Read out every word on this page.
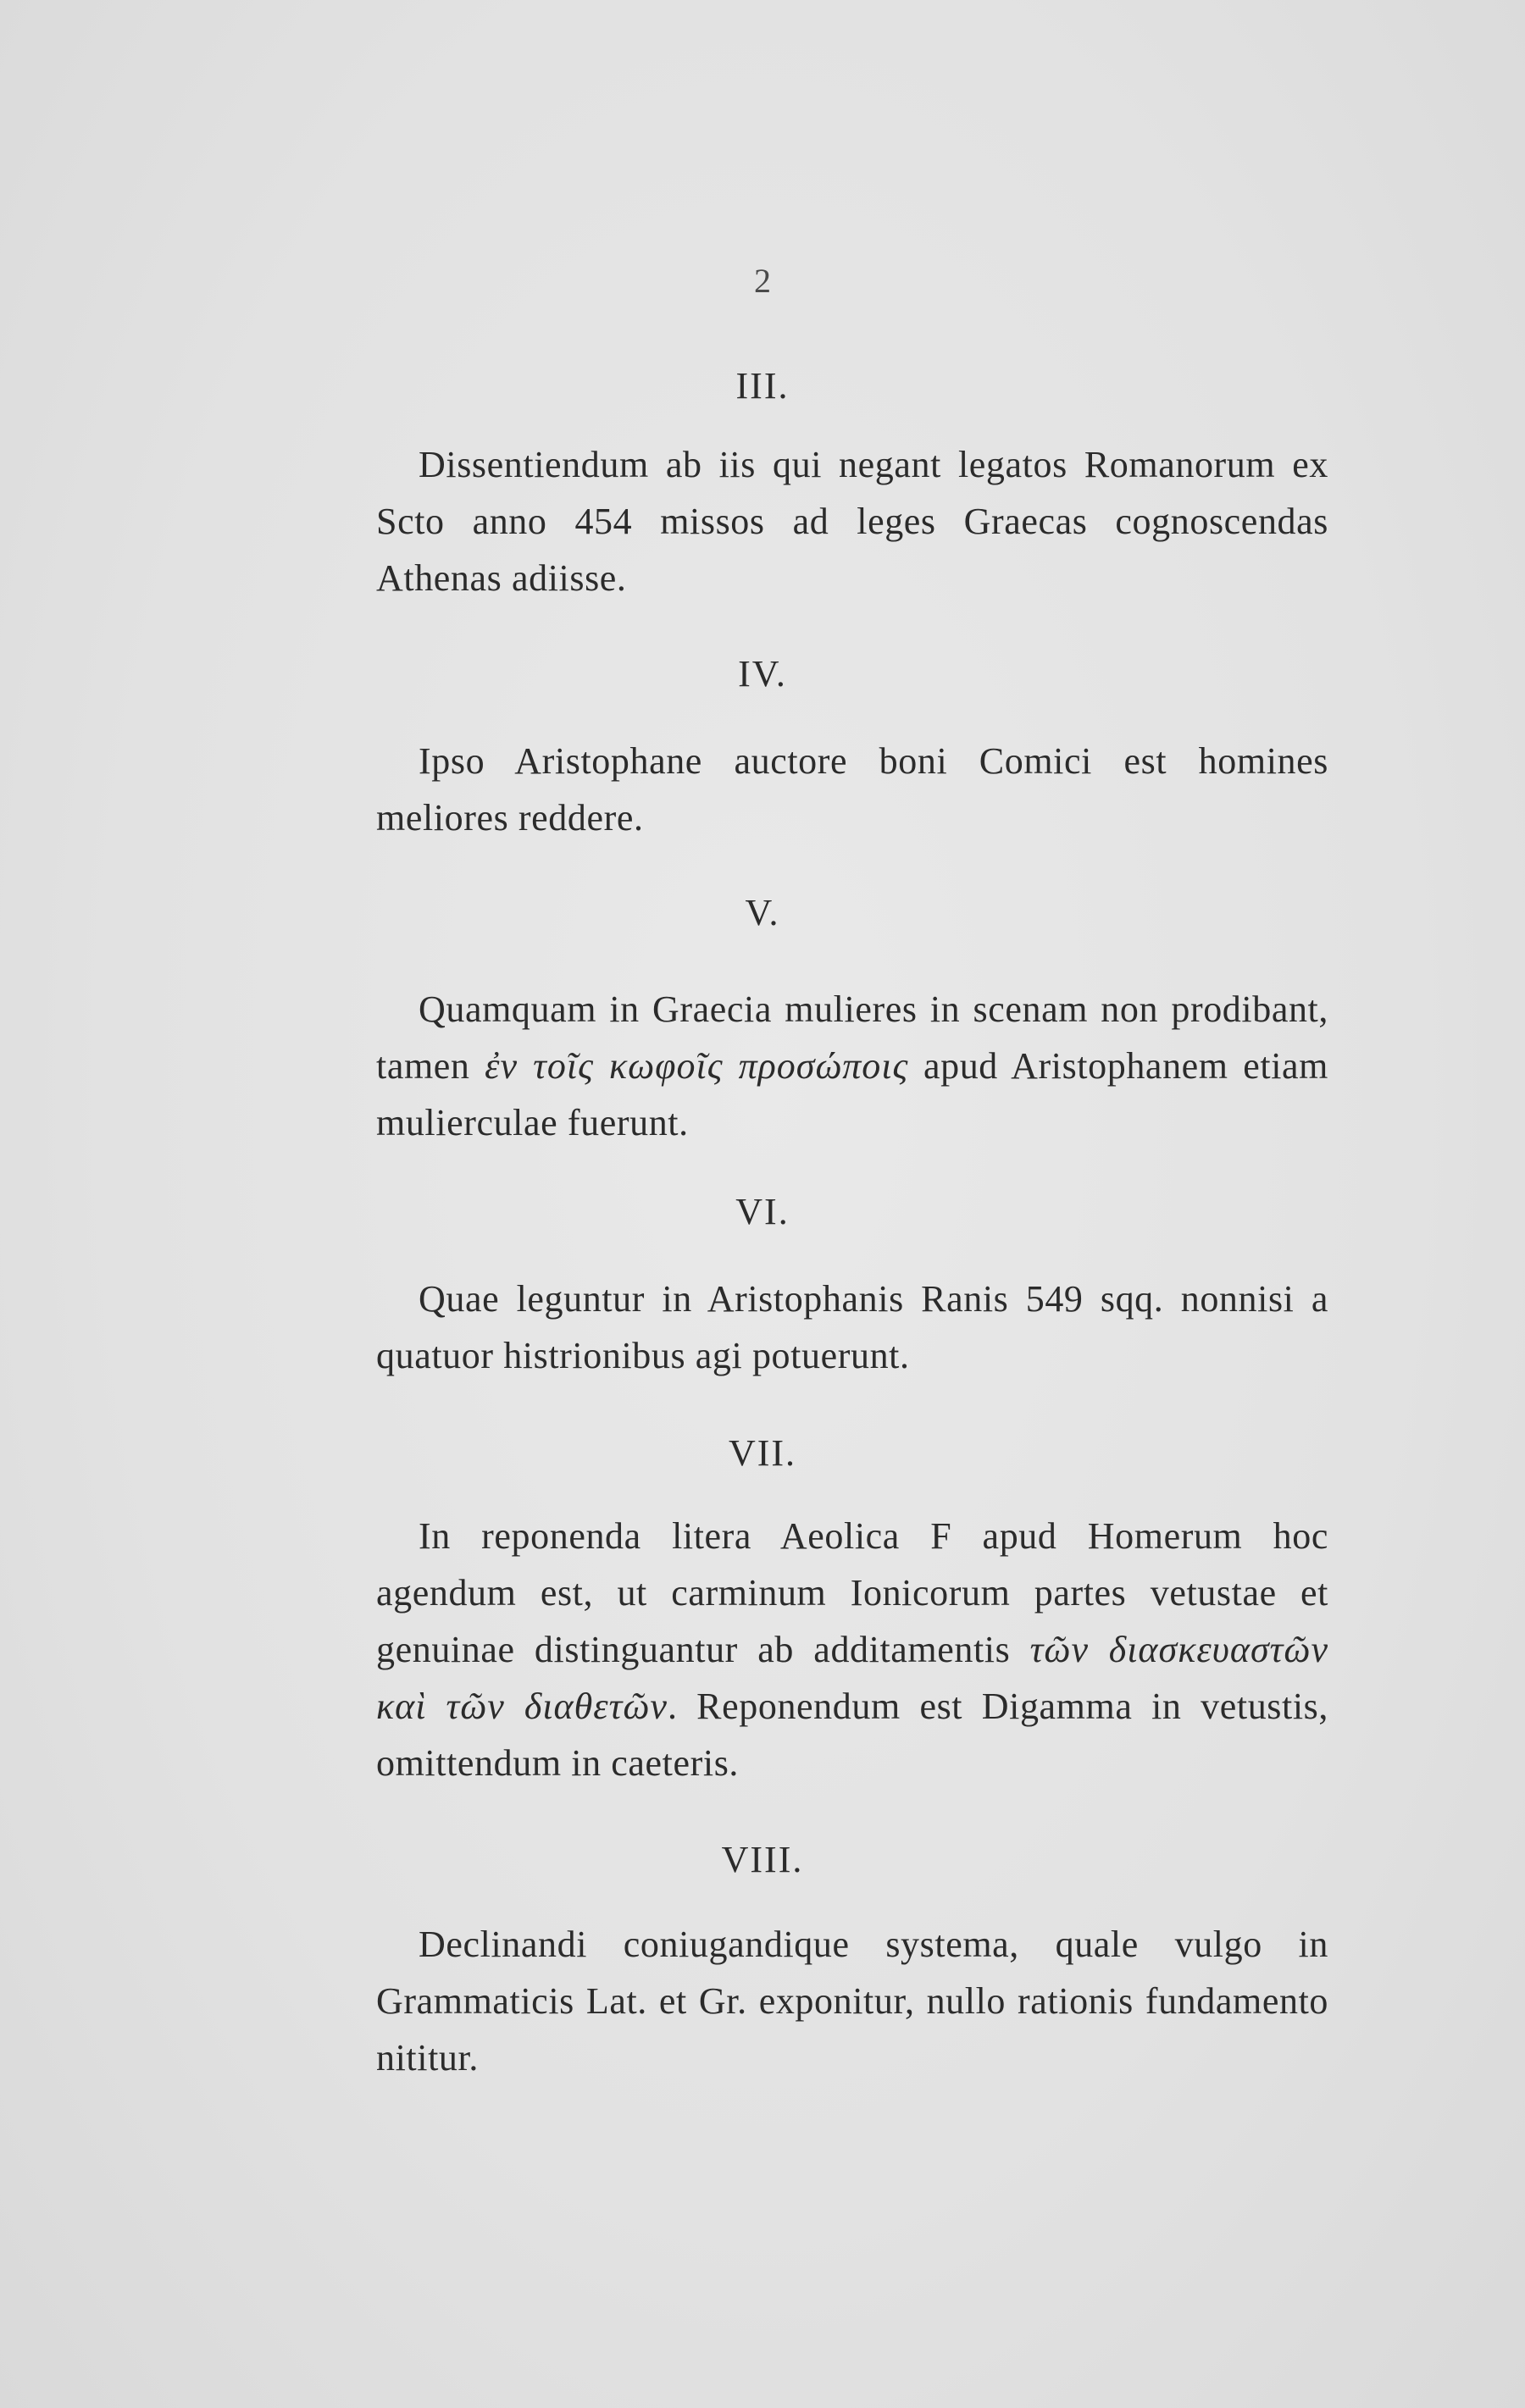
2
III.

Dissentiendum ab iis qui negant legatos Romanorum ex Scto anno 454 missos ad leges Graecas cognoscendas Athenas adiisse.

IV.

Ipso Aristophane auctore boni Comici est homines meliores reddere.

V.

Quamquam in Graecia mulieres in scenam non prodibant, tamen ἐν τοῖς κωφοῖς προσώποις apud Aristophanem etiam mulierculae fuerunt.

VI.

Quae leguntur in Aristophanis Ranis 549 sqq. nonnisi a quatuor histrionibus agi potuerunt.

VII.

In reponenda litera Aeolica F apud Homerum hoc agendum est, ut carminum Ionicorum partes vetustae et genuinae distinguantur ab additamentis τῶν διασκευαστῶν καὶ τῶν διαθετῶν. Reponendum est Digamma in vetustis, omittendum in caeteris.

VIII.

Declinandi coniugandique systema, quale vulgo in Grammaticis Lat. et Gr. exponitur, nullo rationis fundamento nititur.
